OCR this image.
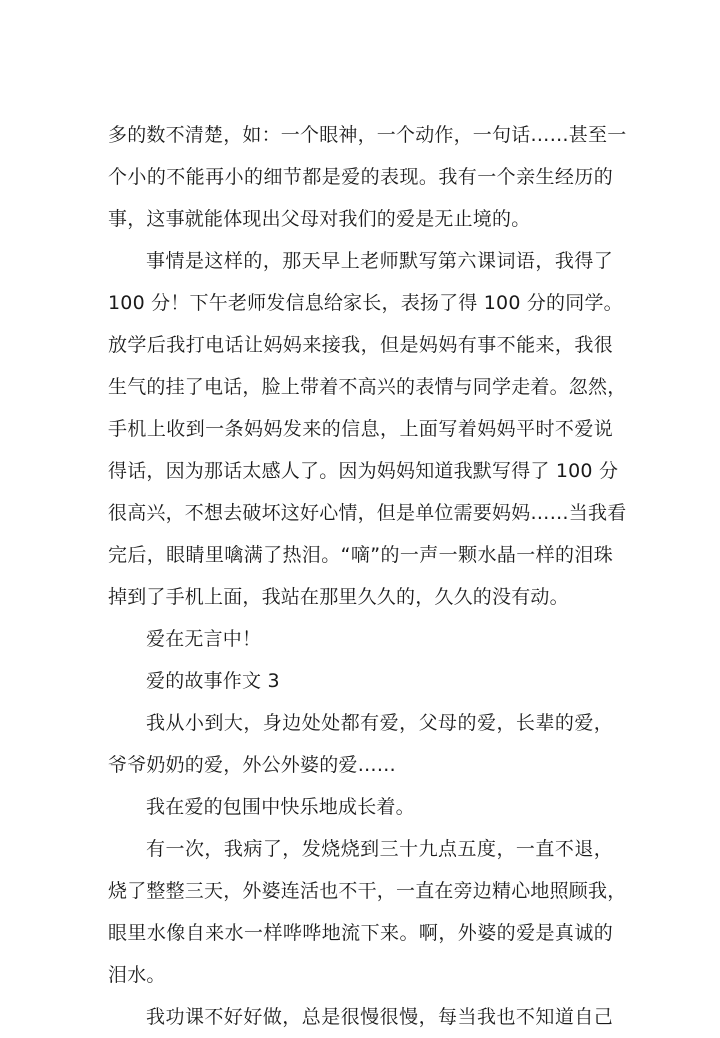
多的数不清楚，如：一个眼神，一个动作，一句话……甚至一
个小的不能再小的细节都是爱的表现。我有一个亲生经历的
事，这事就能体现出父母对我们的爱是无止境的。
事情是这样的，那天早上老师默写第六课词语，我得了
100 分！下午老师发信息给家长，表扬了得 100 分的同学。
放学后我打电话让妈妈来接我，但是妈妈有事不能来，我很
生气的挂了电话，脸上带着不高兴的表情与同学走着。忽然，
手机上收到一条妈妈发来的信息，上面写着妈妈平时不爱说
得话，因为那话太感人了。因为妈妈知道我默写得了 100 分
很高兴，不想去破坏这好心情，但是单位需要妈妈……当我看
完后，眼睛里噙满了热泪。“嘀”的一声一颗水晶一样的泪珠
掉到了手机上面，我站在那里久久的，久久的没有动。
爱在无言中！
爱的故事作文 3
我从小到大，身边处处都有爱，父母的爱，长辈的爱，
爷爷奶奶的爱，外公外婆的爱……
我在爱的包围中快乐地成长着。
有一次，我病了，发烧烧到三十九点五度，一直不退，
烧了整整三天，外婆连活也不干，一直在旁边精心地照顾我，
眼里水像自来水一样哗哗地流下来。啊，外婆的爱是真诚的
泪水。
我功课不好好做，总是很慢很慢，每当我也不知道自己
